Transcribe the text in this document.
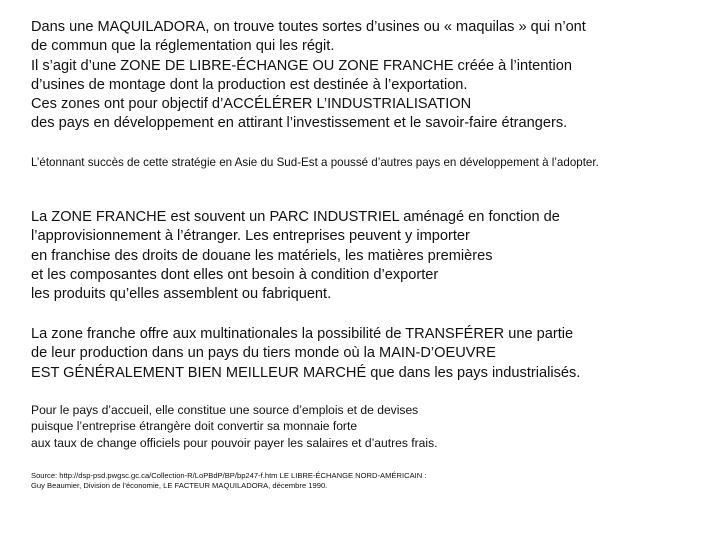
Dans une MAQUILADORA, on trouve toutes sortes d’usines ou « maquilas » qui n’ont
de commun que la réglementation qui les régit.
Il s’agit d’une ZONE DE LIBRE-ÉCHANGE OU ZONE FRANCHE créée à l’intention
d’usines de montage dont la production est destinée à l’exportation.
Ces zones ont pour objectif d’ACCÉLÉRER L’INDUSTRIALISATION
des pays en développement en attirant l’investissement et le savoir-faire étrangers.

L’étonnant succès de cette stratégie en Asie du Sud-Est a poussé d’autres pays en développement à l’adopter.

La ZONE FRANCHE est souvent un PARC INDUSTRIEL aménagé en fonction de
l’approvisionnement à l’étranger. Les entreprises peuvent y importer
en franchise des droits de douane les matériels, les matières premières
et les composantes dont elles ont besoin à condition d’exporter
les produits qu’elles assemblent ou fabriquent.

La zone franche offre aux multinationales la possibilité de TRANSFÉRER une partie
de leur production dans un pays du tiers monde où la MAIN-D’OEUVRE
EST GÉNÉRALEMENT BIEN MEILLEUR MARCHÉ que dans les pays industrialisés.

Pour le pays d’accueil, elle constitue une source d’emplois et de devises
puisque l’entreprise étrangère doit convertir sa monnaie forte
aux taux de change officiels pour pouvoir payer les salaires et d’autres frais.

Source: http://dsp-psd.pwgsc.gc.ca/Collection-R/LoPBdP/BP/bp247-f.htm LE LIBRE-ÉCHANGE NORD-AMÉRICAIN :
Guy Beaumier, Division de l’économie, LE FACTEUR MAQUILADORA, décembre 1990.
